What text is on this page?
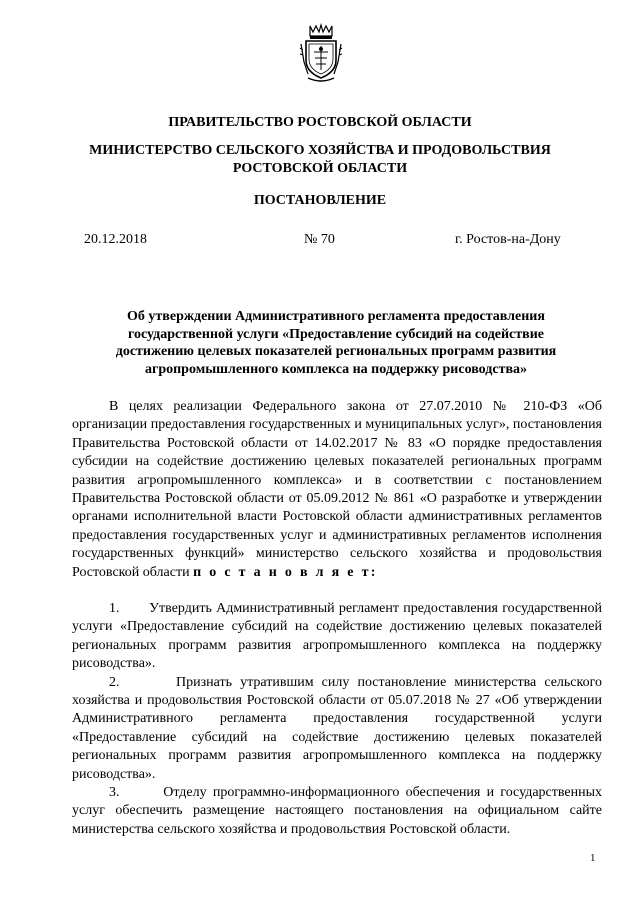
ПРАВИТЕЛЬСТВО РОСТОВСКОЙ ОБЛАСТИ
МИНИСТЕРСТВО СЕЛЬСКОГО ХОЗЯЙСТВА И ПРОДОВОЛЬСТВИЯ
РОСТОВСКОЙ ОБЛАСТИ
ПОСТАНОВЛЕНИЕ
20.12.2018	№ 70	г. Ростов-на-Дону
Об утверждении Административного регламента предоставления
государственной услуги «Предоставление субсидий на содействие
достижению целевых показателей региональных программ развития
агропромышленного комплекса на поддержку рисоводства»

В целях реализации Федерального закона от 27.07.2010 № 210-ФЗ «Об организации предоставления государственных и муниципальных услуг», постановления Правительства Ростовской области от 14.02.2017 № 83 «О порядке предоставления субсидии на содействие достижению целевых показателей региональных программ развития агропромышленного комплекса» и в соответствии с постановлением Правительства Ростовской области от 05.09.2012 № 861 «О разработке и утверждении органами исполнительной власти Ростовской области административных регламентов предоставления государственных услуг и административных регламентов исполнения государственных функций» министерство сельского хозяйства и продовольствия Ростовской области п о с т а н о в л я е т:

1. Утвердить Административный регламент предоставления государственной услуги «Предоставление субсидий на содействие достижению целевых показателей региональных программ развития агропромышленного комплекса на поддержку рисоводства».

2.	Признать утратившим силу постановление министерства сельского хозяйства и продовольствия Ростовской области от 05.07.2018 № 27 «Об утверждении Административного регламента предоставления государственной услуги «Предоставление субсидий на содействие достижению целевых показателей региональных программ развития агропромышленного комплекса на поддержку рисоводства».

3.	Отделу программно-информационного обеспечения и государственных услуг обеспечить размещение настоящего постановления на официальном сайте министерства сельского хозяйства и продовольствия Ростовской области.

1
